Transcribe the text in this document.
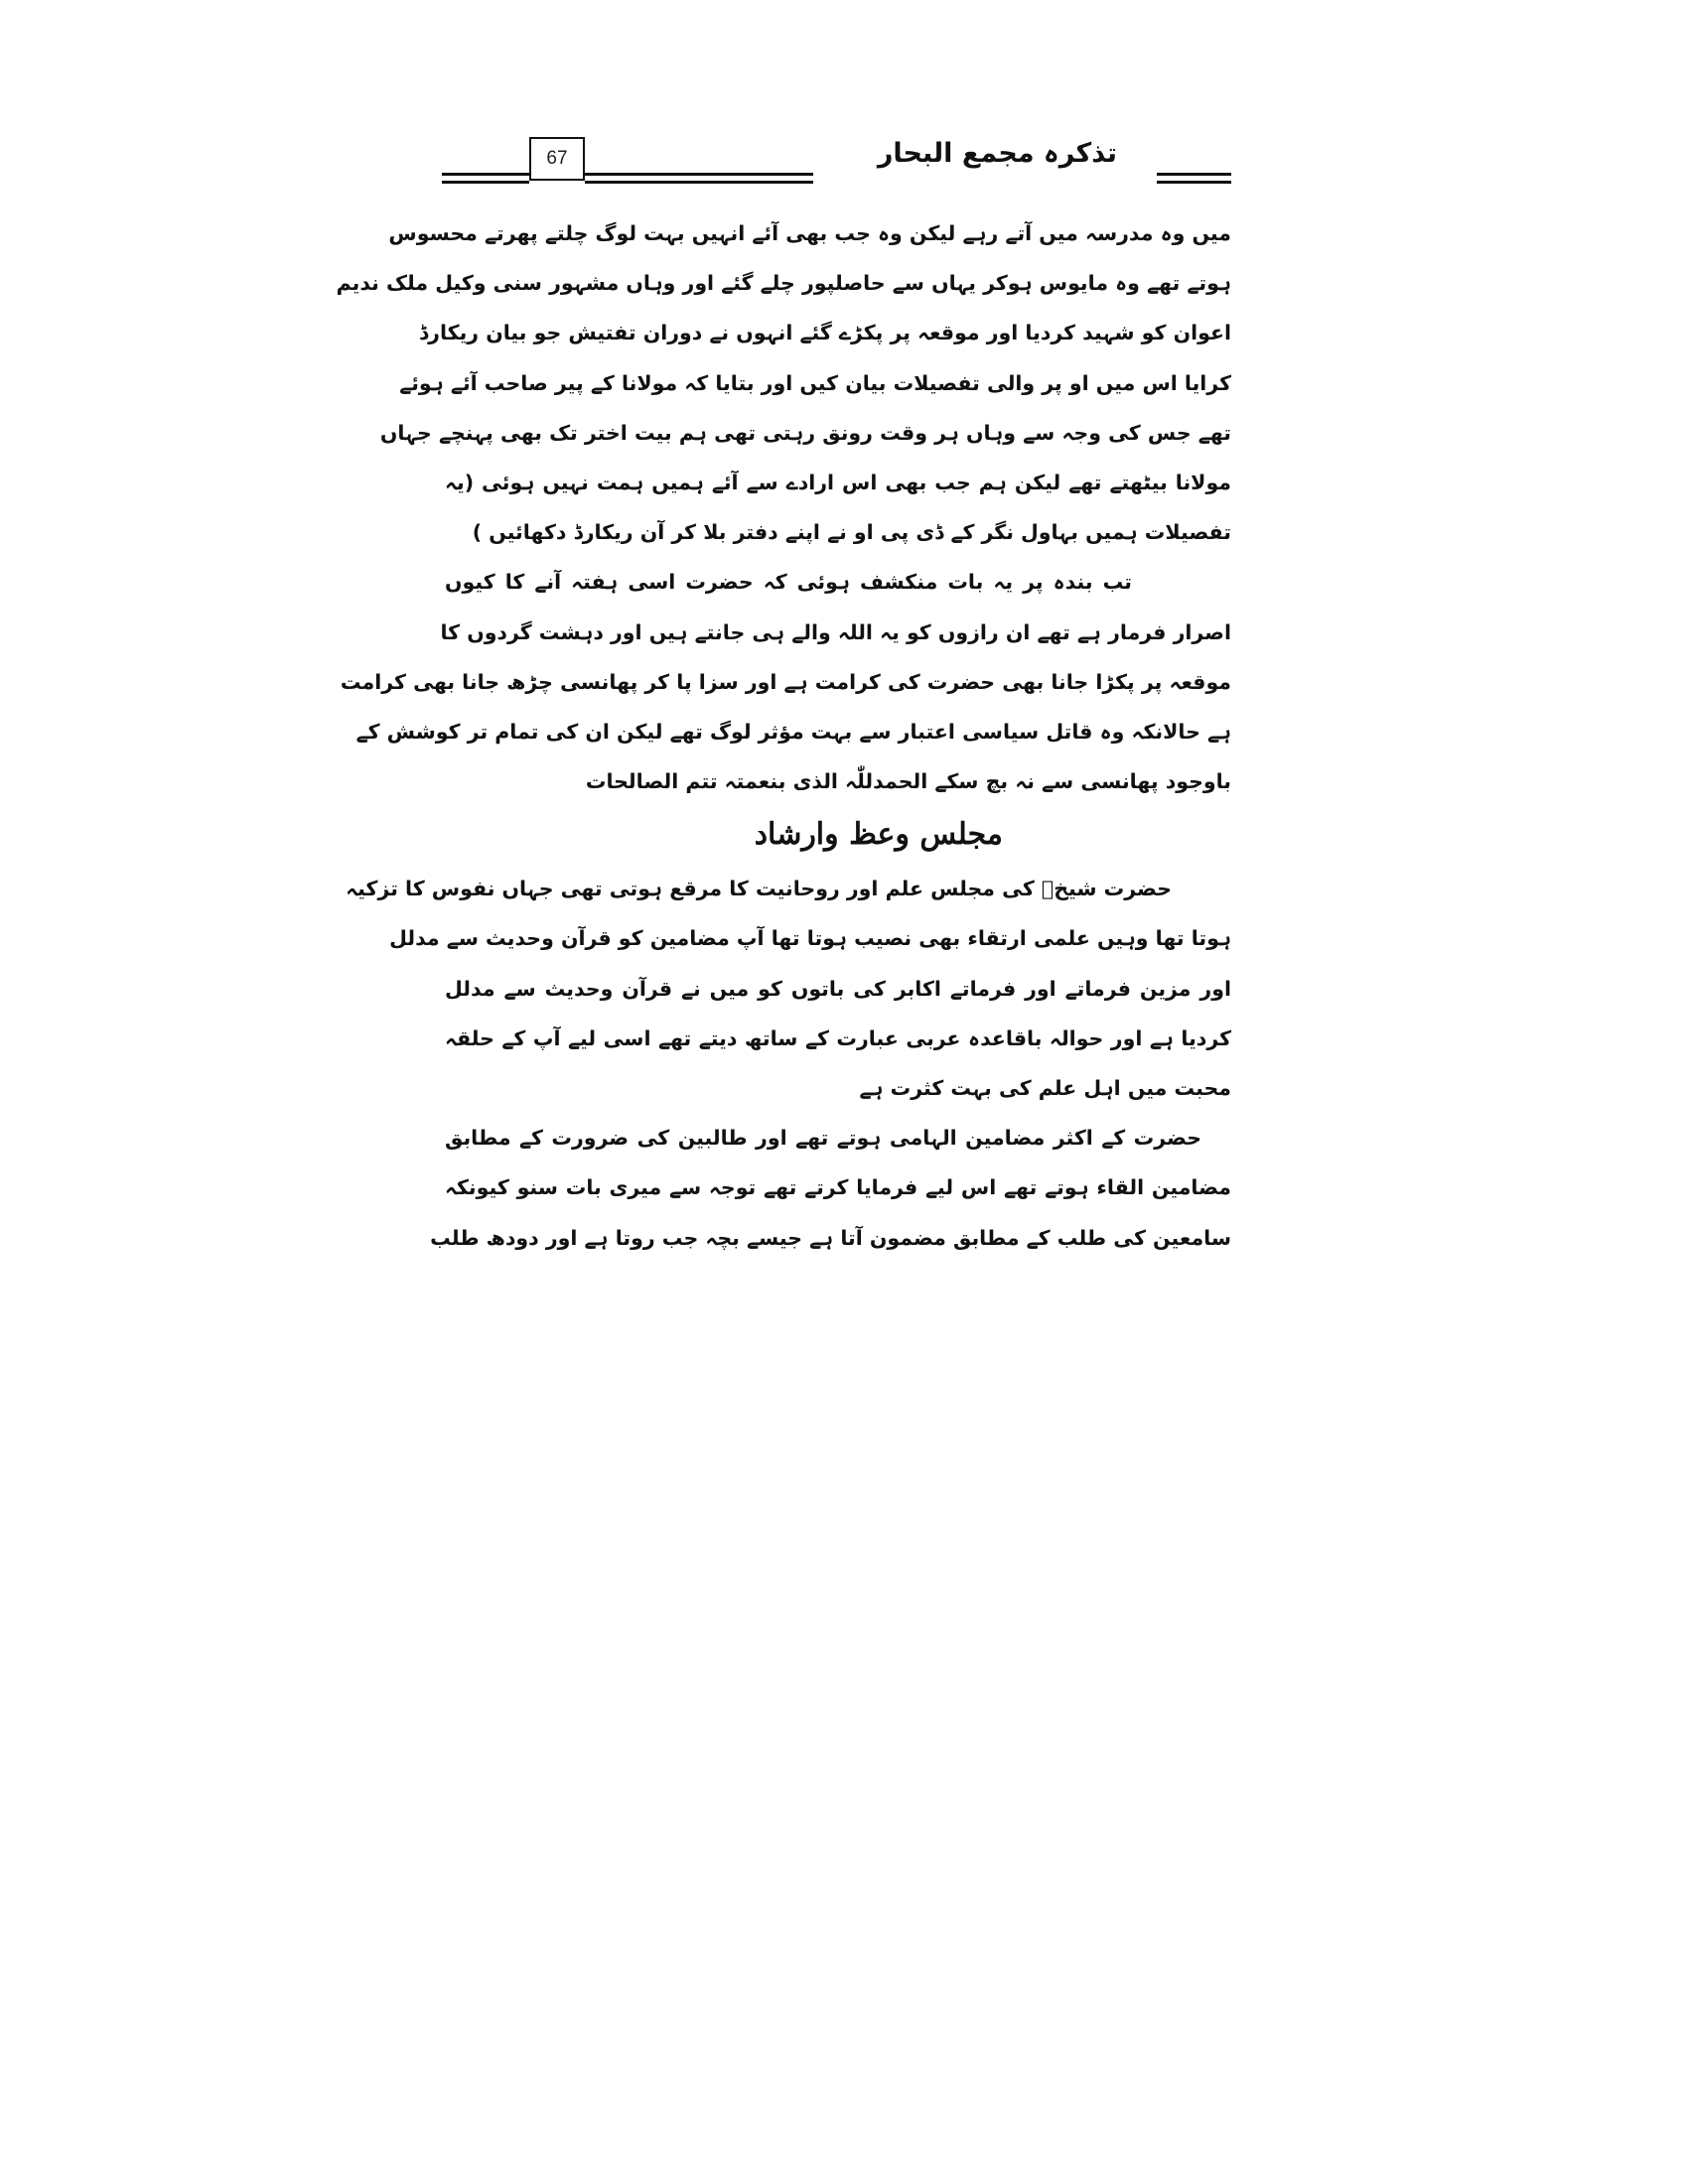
67	تذکرہ مجمع البحار
میں وہ مدرسہ میں آتے رہے لیکن وہ جب بھی آئے انہیں بہت لوگ چلتے پھرتے محسوس
ہوتے تھے وہ مایوس ہوکر یہاں سے حاصلپور چلے گئے اور وہاں مشہور سنی وکیل ملک ندیم
اعوان کو شہید کردیا اور موقعہ پر پکڑے گئے انہوں نے دوران تفتیش جو بیان ریکارڈ
کرایا اس میں او پر والی تفصیلات بیان کیں اور بتایا کہ مولانا کے پیر صاحب آئے ہوئے
تھے جس کی وجہ سے وہاں ہر وقت رونق رہتی تھی ہم بیت اختر تک بھی پہنچے جہاں
مولانا بیٹھتے تھے لیکن ہم جب بھی اس ارادے سے آئے ہمیں ہمت نہیں ہوئی (یہ
تفصیلات ہمیں بہاول نگر کے ڈی پی او نے اپنے دفتر بلا کر آن ریکارڈ دکھائیں )
تب بندہ پر یہ بات منکشف ہوئی کہ حضرت اسی ہفتہ آنے کا کیوں
اصرار فرمار ہے تھے ان رازوں کو یہ اللہ والے ہی جانتے ہیں اور دہشت گردوں کا
موقعہ پر پکڑا جانا بھی حضرت کی کرامت ہے اور سزا پا کر پھانسی چڑھ جانا بھی کرامت
ہے حالانکہ وہ قاتل سیاسی اعتبار سے بہت مؤثر لوگ تھے لیکن ان کی تمام تر کوشش کے
باوجود پھانسی سے نہ بچ سکے الحمدللّٰہ الذی بنعمتہ تتم الصالحات
مجلس وعظ وارشاد
حضرت شیخؒ کی مجلس علم اور روحانیت کا مرقع ہوتی تھی جہاں نفوس کا تزکیہ
ہوتا تھا وہیں علمی ارتقاء بھی نصیب ہوتا تھا آپ مضامین کو قرآن وحدیث سے مدلل
اور مزین فرماتے اور فرماتے اکابر کی باتوں کو میں نے قرآن وحدیث سے مدلل
کردیا ہے اور حوالہ باقاعدہ عربی عبارت کے ساتھ دیتے تھے اسی لیے آپ کے حلقہ
محبت میں اہل علم کی بہت کثرت ہے
حضرت کے اکثر مضامین الہامی ہوتے تھے اور طالبین کی ضرورت کے مطابق
مضامین القاء ہوتے تھے اس لیے فرمایا کرتے تھے توجہ سے میری بات سنو کیونکہ
سامعین کی طلب کے مطابق مضمون آتا ہے جیسے بچہ جب روتا ہے اور دودھ طلب
